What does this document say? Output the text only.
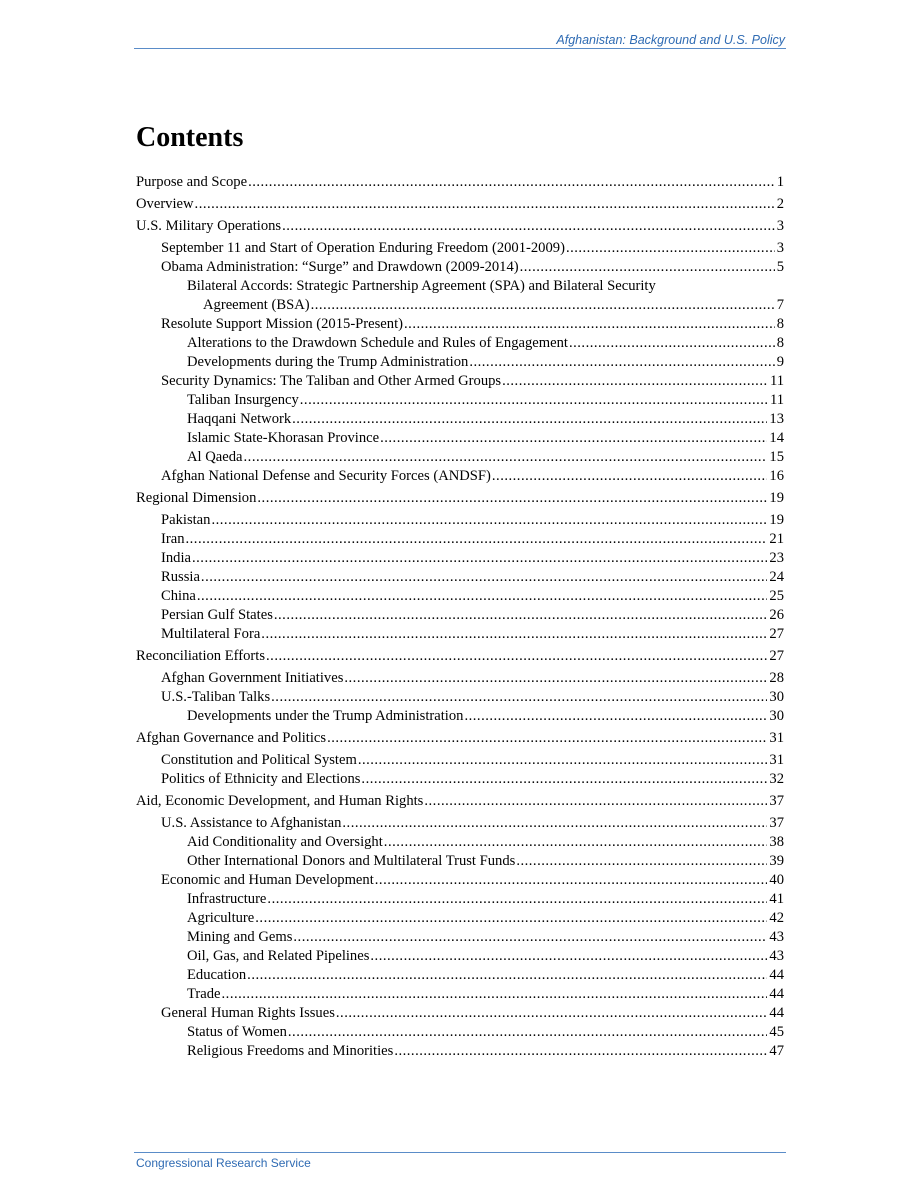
Afghanistan: Background and U.S. Policy
Contents
Purpose and Scope .....	1
Overview .....	2
U.S. Military Operations .....	3
September 11 and Start of Operation Enduring Freedom (2001-2009) .....	3
Obama Administration: “Surge” and Drawdown (2009-2014) .....	5
Bilateral Accords: Strategic Partnership Agreement (SPA) and Bilateral Security
Agreement (BSA) .....	7
Resolute Support Mission (2015-Present) .....	8
Alterations to the Drawdown Schedule and Rules of Engagement .....	8
Developments during the Trump Administration .....	9
Security Dynamics: The Taliban and Other Armed Groups .....	11
Taliban Insurgency .....	11
Haqqani Network .....	13
Islamic State-Khorasan Province .....	14
Al Qaeda .....	15
Afghan National Defense and Security Forces (ANDSF) .....	16
Regional Dimension .....	19
Pakistan .....	19
Iran .....	21
India .....	23
Russia .....	24
China .....	25
Persian Gulf States .....	26
Multilateral Fora .....	27
Reconciliation Efforts .....	27
Afghan Government Initiatives .....	28
U.S.-Taliban Talks .....	30
Developments under the Trump Administration .....	30
Afghan Governance and Politics .....	31
Constitution and Political System .....	31
Politics of Ethnicity and Elections .....	32
Aid, Economic Development, and Human Rights .....	37
U.S. Assistance to Afghanistan .....	37
Aid Conditionality and Oversight .....	38
Other International Donors and Multilateral Trust Funds .....	39
Economic and Human Development .....	40
Infrastructure .....	41
Agriculture .....	42
Mining and Gems .....	43
Oil, Gas, and Related Pipelines .....	43
Education .....	44
Trade .....	44
General Human Rights Issues .....	44
Status of Women .....	45
Religious Freedoms and Minorities .....	47
Congressional Research Service
